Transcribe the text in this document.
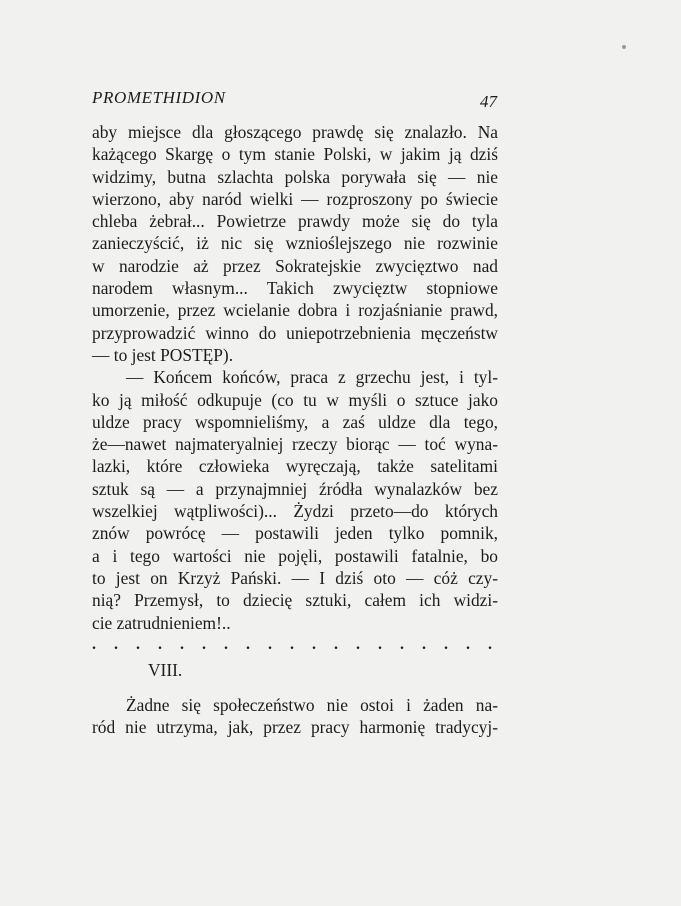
PROMETHIDION	47
aby miejsce dla głoszącego prawdę się znalazło. Na
każącego Skargę o tym stanie Polski, w jakim ją dziś
widzimy, butna szlachta polska porywała się — nie
wierzono, aby naród wielki — rozproszony po świecie
chleba żebrał... Powietrze prawdy może się do tyla
zanieczyścić, iż nic się wznioślejszego nie rozwinie
w narodzie aż przez Sokratejskie zwycięztwo nad
narodem własnym... Takich zwycięztw stopniowe
umorzenie, przez wcielanie dobra i rozjaśnianie prawd,
przyprowadzić winno do uniepotrzebnienia męczeństw
— to jest POSTĘP).
— Końcem końców, praca z grzechu jest, i tyl-
ko ją miłość odkupuje (co tu w myśli o sztuce jako
uldze pracy wspomnieliśmy, a zaś uldze dla tego,
że—nawet najmateryalniej rzeczy biorąc — toć wyna-
lazki, które człowieka wyręczają, także satelitami
sztuk są — a przynajmniej źródła wynalazków bez
wszelkiej wątpliwości)... Żydzi przeto—do których
znów powrócę — postawili jeden tylko pomnik,
a i tego wartości nie pojęli, postawili fatalnie, bo
to jest on Krzyż Pański. — I dziś oto — cóż czy-
nią? Przemysł, to dziecię sztuki, całem ich widzi-
cie zatrudnieniem!..
. . . . . . . . . . . . . . . . . . .
VIII.
Żadne się społeczeństwo nie ostoi i żaden na-
ród nie utrzyma, jak, przez pracy harmonię tradycyj-
